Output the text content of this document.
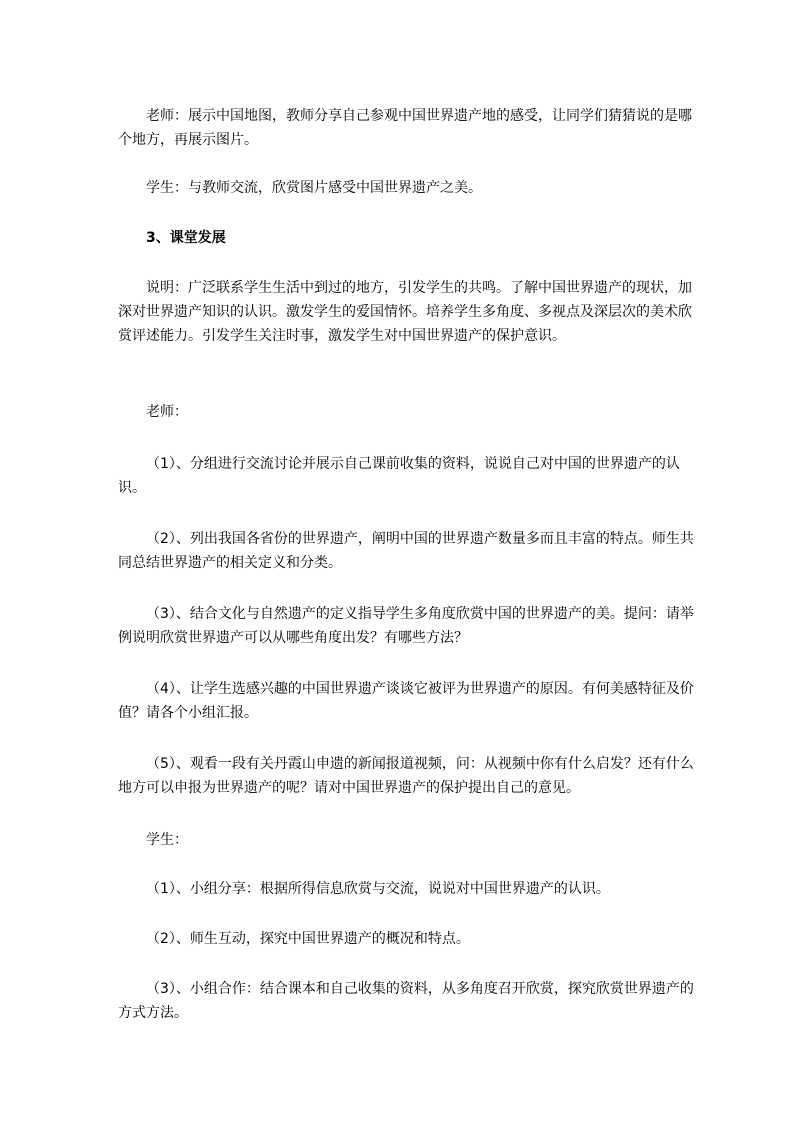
老师：展示中国地图，教师分享自己参观中国世界遗产地的感受，让同学们猜猜说的是哪个地方，再展示图片。

学生：与教师交流，欣赏图片感受中国世界遗产之美。

3、课堂发展

说明：广泛联系学生生活中到过的地方，引发学生的共鸣。了解中国世界遗产的现状，加深对世界遗产知识的认识。激发学生的爱国情怀。培养学生多角度、多视点及深层次的美术欣赏评述能力。引发学生关注时事，激发学生对中国世界遗产的保护意识。

老师：

（1）、分组进行交流讨论并展示自己课前收集的资料，说说自己对中国的世界遗产的认识。

（2）、列出我国各省份的世界遗产，阐明中国的世界遗产数量多而且丰富的特点。师生共同总结世界遗产的相关定义和分类。

（3）、结合文化与自然遗产的定义指导学生多角度欣赏中国的世界遗产的美。提问：请举例说明欣赏世界遗产可以从哪些角度出发？有哪些方法？

（4）、让学生选感兴趣的中国世界遗产谈谈它被评为世界遗产的原因。有何美感特征及价值？请各个小组汇报。

（5）、观看一段有关丹霞山申遗的新闻报道视频，问：从视频中你有什么启发？还有什么地方可以申报为世界遗产的呢？请对中国世界遗产的保护提出自己的意见。

学生：

（1）、小组分享：根据所得信息欣赏与交流，说说对中国世界遗产的认识。

（2）、师生互动，探究中国世界遗产的概况和特点。

（3）、小组合作：结合课本和自己收集的资料，从多角度召开欣赏，探究欣赏世界遗产的方式方法。
